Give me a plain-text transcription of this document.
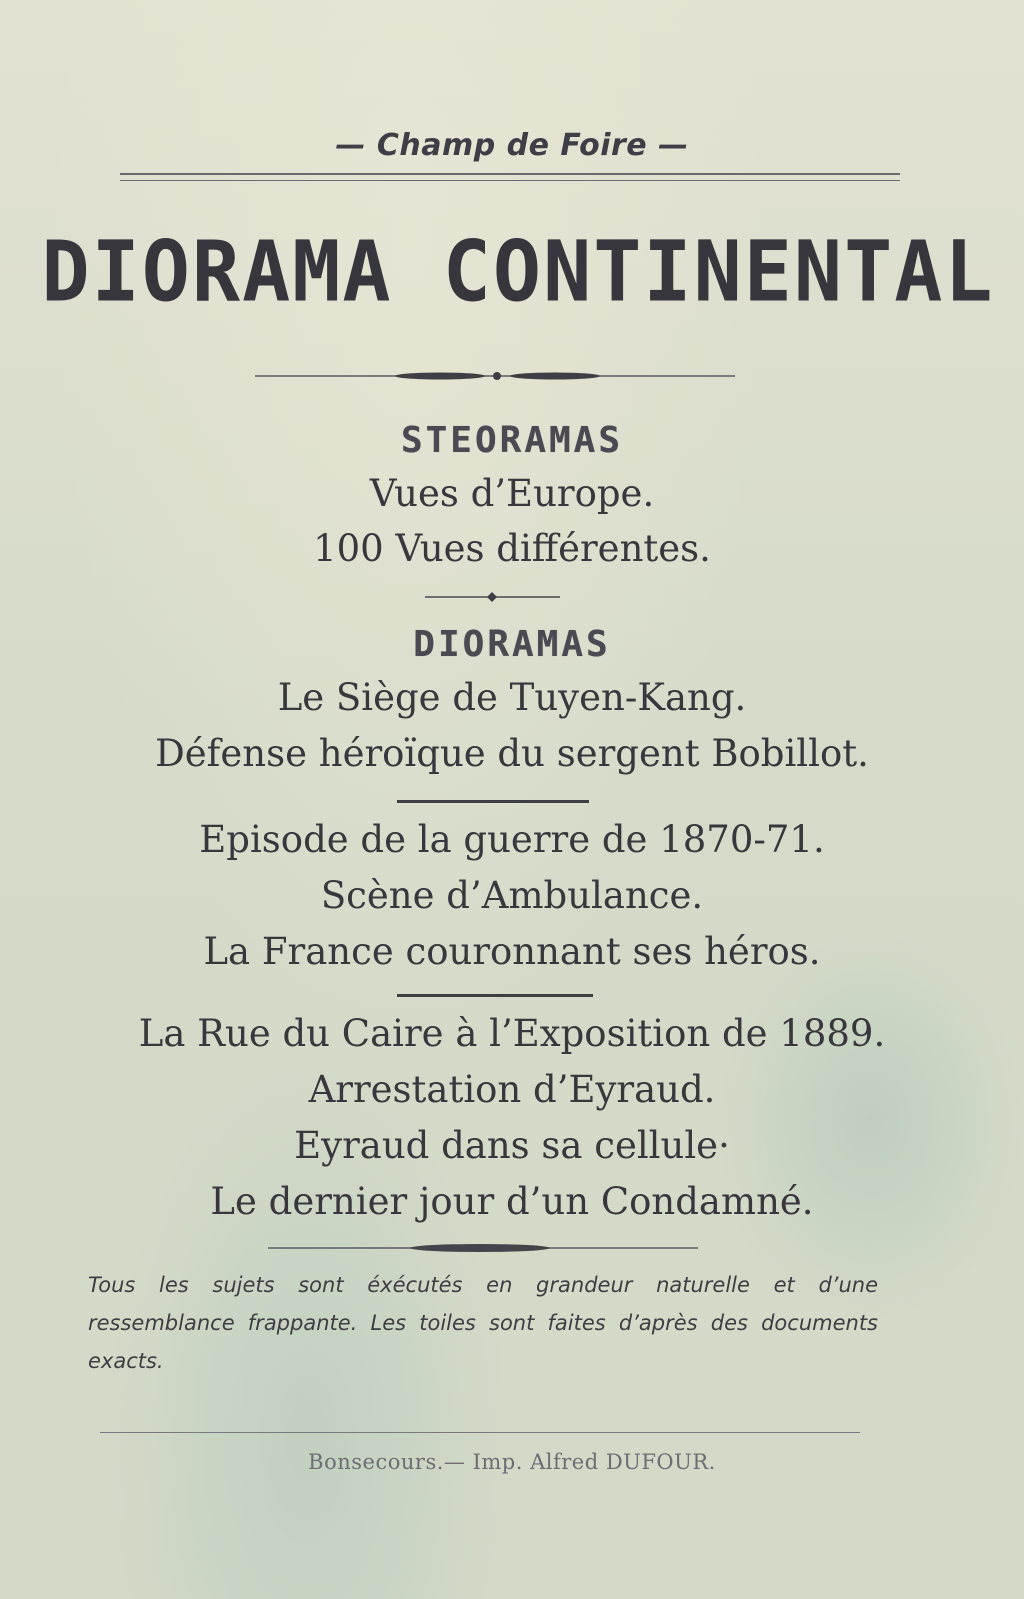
— Champ de Foire —
DIORAMA CONTINENTAL
STEORAMAS
Vues d’Europe.
100 Vues différentes.
DIORAMAS
Le Siège de Tuyen-Kang.
Défense héroïque du sergent Bobillot.
Episode de la guerre de 1870-71.
Scène d’Ambulance.
La France couronnant ses héros.
La Rue du Caire à l’Exposition de 1889.
Arrestation d’Eyraud.
Eyraud dans sa cellule·
Le dernier jour d’un Condamné.
Tous les sujets sont éxécutés en grandeur naturelle et d’une ressemblance frappante. Les toiles sont faites d’après des documents exacts.
Bonsecours.— Imp. Alfred DUFOUR.
